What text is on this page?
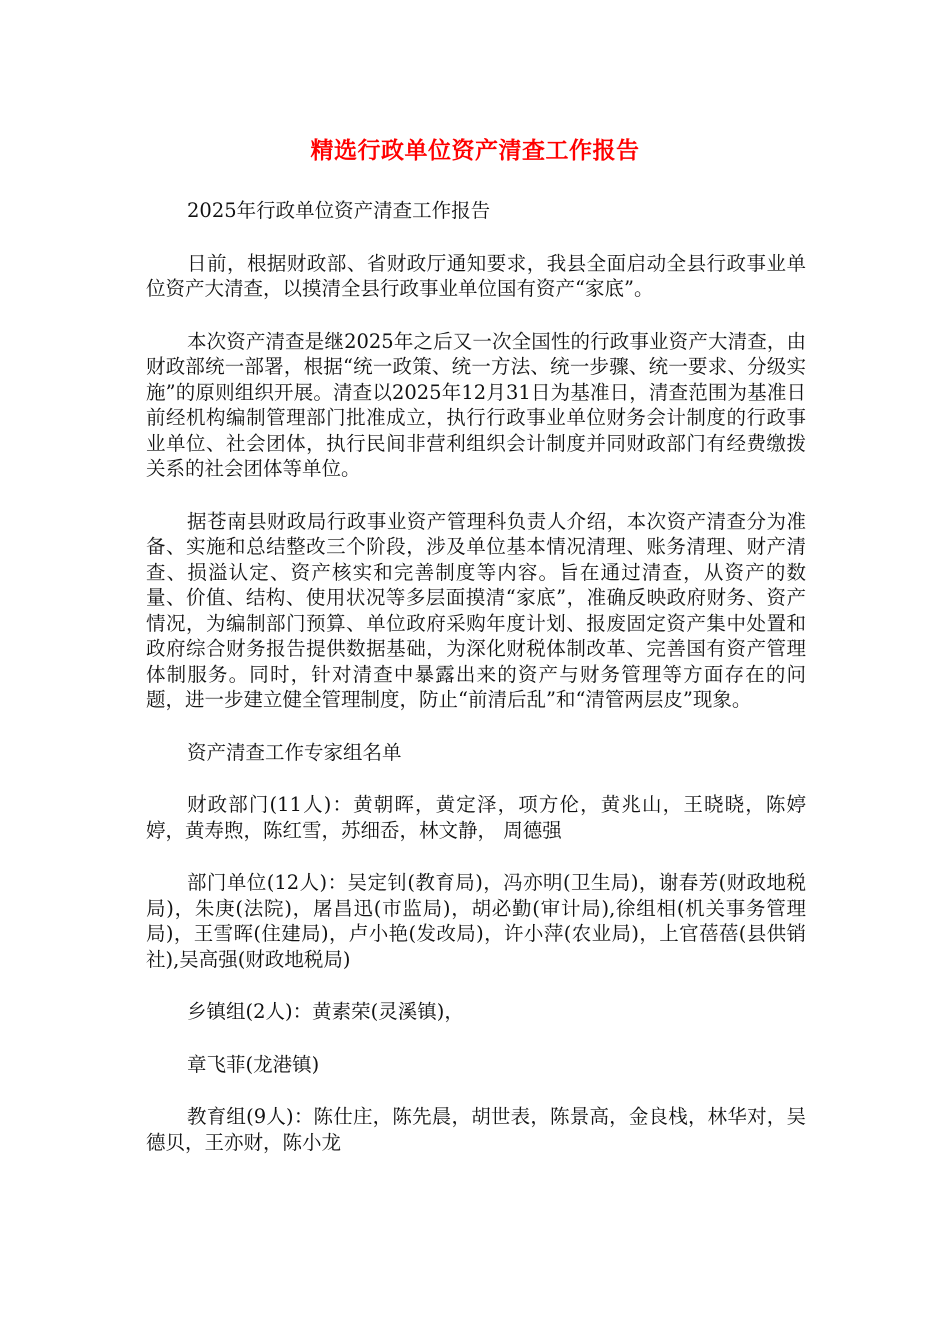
精选行政单位资产清查工作报告

2025年行政单位资产清查工作报告

日前，根据财政部、省财政厅通知要求，我县全面启动全县行政事业单位资产大清查，以摸清全县行政事业单位国有资产“家底”。

本次资产清查是继2025年之后又一次全国性的行政事业资产大清查，由财政部统一部署，根据“统一政策、统一方法、统一步骤、统一要求、分级实施”的原则组织开展。清查以2025年12月31日为基准日，清查范围为基准日前经机构编制管理部门批准成立，执行行政事业单位财务会计制度的行政事业单位、社会团体，执行民间非营利组织会计制度并同财政部门有经费缴拨关系的社会团体等单位。

据苍南县财政局行政事业资产管理科负责人介绍，本次资产清查分为准备、实施和总结整改三个阶段，涉及单位基本情况清理、账务清理、财产清查、损溢认定、资产核实和完善制度等内容。旨在通过清查，从资产的数量、价值、结构、使用状况等多层面摸清“家底”，准确反映政府财务、资产情况，为编制部门预算、单位政府采购年度计划、报废固定资产集中处置和政府综合财务报告提供数据基础，为深化财税体制改革、完善国有资产管理体制服务。同时，针对清查中暴露出来的资产与财务管理等方面存在的问题，进一步建立健全管理制度，防止“前清后乱”和“清管两层皮”现象。

资产清查工作专家组名单

财政部门(11人)：黄朝晖，黄定泽，项方伦，黄兆山，王晓晓，陈婷婷，黄寿煦，陈红雪，苏细岙，林文静， 周德强

部门单位(12人)：吴定钊(教育局)，冯亦明(卫生局)，谢春芳(财政地税局)，朱庚(法院)，屠昌迅(市监局)，胡必勤(审计局),徐组相(机关事务管理局)，王雪晖(住建局)，卢小艳(发改局)，许小萍(农业局)，上官蓓蓓(县供销社),吴高强(财政地税局)

乡镇组(2人)：黄素荣(灵溪镇)，

章飞菲(龙港镇)

教育组(9人)：陈仕庄，陈先晨，胡世表，陈景高，金良栈，林华对，吴德贝，王亦财，陈小龙
